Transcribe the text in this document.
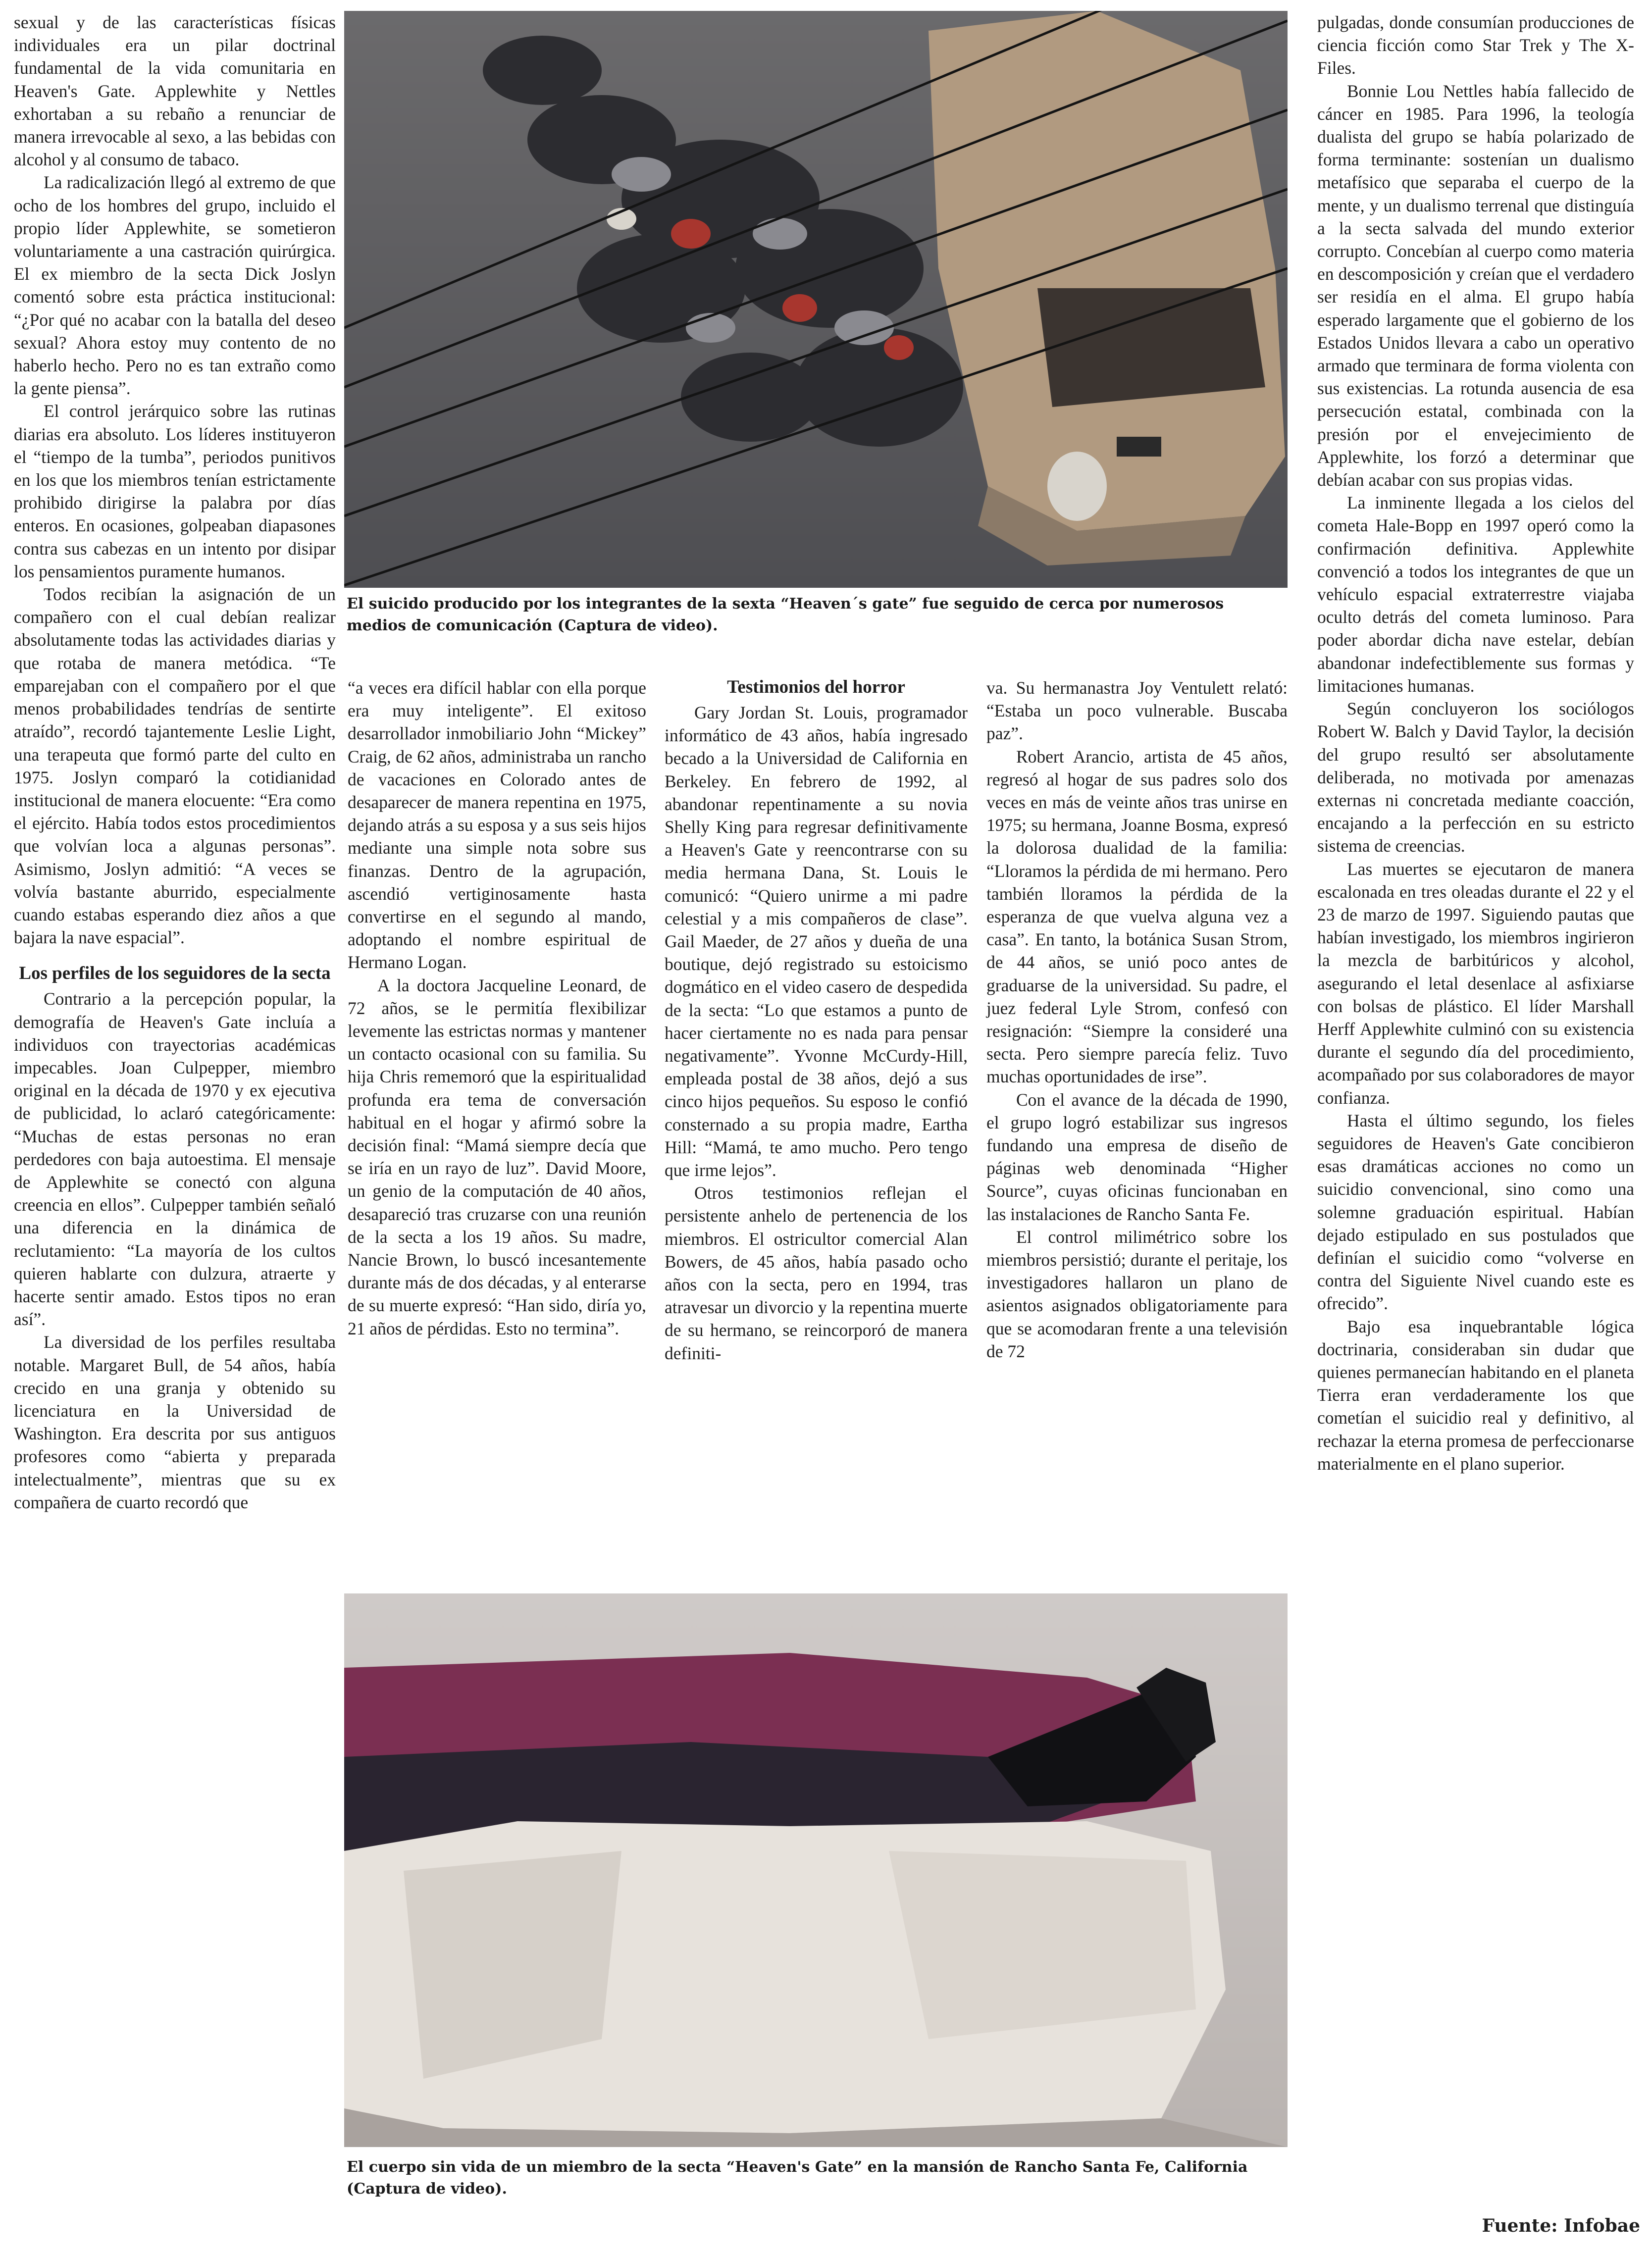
sexual y de las características físicas individuales era un pilar doctrinal fundamental de la vida comunitaria en Heaven's Gate. Applewhite y Nettles exhortaban a su rebaño a renunciar de manera irrevocable al sexo, a las bebidas con alcohol y al consumo de tabaco.

La radicalización llegó al extremo de que ocho de los hombres del grupo, incluido el propio líder Applewhite, se sometieron voluntariamente a una castración quirúrgica. El ex miembro de la secta Dick Joslyn comentó sobre esta práctica institucional: “¿Por qué no acabar con la batalla del deseo sexual? Ahora estoy muy contento de no haberlo hecho. Pero no es tan extraño como la gente piensa”.

El control jerárquico sobre las rutinas diarias era absoluto. Los líderes instituyeron el “tiempo de la tumba”, periodos punitivos en los que los miembros tenían estrictamente prohibido dirigirse la palabra por días enteros. En ocasiones, golpeaban diapasones contra sus cabezas en un intento por disipar los pensamientos puramente humanos.

Todos recibían la asignación de un compañero con el cual debían realizar absolutamente todas las actividades diarias y que rotaba de manera metódica. “Te emparejaban con el compañero por el que menos probabilidades tendrías de sentirte atraído”, recordó tajantemente Leslie Light, una terapeuta que formó parte del culto en 1975. Joslyn comparó la cotidianidad institucional de manera elocuente: “Era como el ejército. Había todos estos procedimientos que volvían loca a algunas personas”. Asimismo, Joslyn admitió: “A veces se volvía bastante aburrido, especialmente cuando estabas esperando diez años a que bajara la nave espacial”.

Los perfiles de los seguidores de la secta

Contrario a la percepción popular, la demografía de Heaven's Gate incluía a individuos con trayectorias académicas impecables. Joan Culpepper, miembro original en la década de 1970 y ex ejecutiva de publicidad, lo aclaró categóricamente: “Muchas de estas personas no eran perdedores con baja autoestima. El mensaje de Applewhite se conectó con alguna creencia en ellos”. Culpepper también señaló una diferencia en la dinámica de reclutamiento: “La mayoría de los cultos quieren hablarte con dulzura, atraerte y hacerte sentir amado. Estos tipos no eran así”.

La diversidad de los perfiles resultaba notable. Margaret Bull, de 54 años, había crecido en una granja y obtenido su licenciatura en la Universidad de Washington. Era descrita por sus antiguos profesores como “abierta y preparada intelectualmente”, mientras que su ex compañera de cuarto recordó que

El suicido producido por los integrantes de la sexta “Heaven´s gate” fue seguido de cerca por numerosos medios de comunicación (Captura de video).

“a veces era difícil hablar con ella porque era muy inteligente”. El exitoso desarrollador inmobiliario John “Mickey” Craig, de 62 años, administraba un rancho de vacaciones en Colorado antes de desaparecer de manera repentina en 1975, dejando atrás a su esposa y a sus seis hijos mediante una simple nota sobre sus finanzas. Dentro de la agrupación, ascendió vertiginosamente hasta convertirse en el segundo al mando, adoptando el nombre espiritual de Hermano Logan.

A la doctora Jacqueline Leonard, de 72 años, se le permitía flexibilizar levemente las estrictas normas y mantener un contacto ocasional con su familia. Su hija Chris rememoró que la espiritualidad profunda era tema de conversación habitual en el hogar y afirmó sobre la decisión final: “Mamá siempre decía que se iría en un rayo de luz”. David Moore, un genio de la computación de 40 años, desapareció tras cruzarse con una reunión de la secta a los 19 años. Su madre, Nancie Brown, lo buscó incesantemente durante más de dos décadas, y al enterarse de su muerte expresó: “Han sido, diría yo, 21 años de pérdidas. Esto no termina”.

Testimonios del horror

Gary Jordan St. Louis, programador informático de 43 años, había ingresado becado a la Universidad de California en Berkeley. En febrero de 1992, al abandonar repentinamente a su novia Shelly King para regresar definitivamente a Heaven's Gate y reencontrarse con su media hermana Dana, St. Louis le comunicó: “Quiero unirme a mi padre celestial y a mis compañeros de clase”. Gail Maeder, de 27 años y dueña de una boutique, dejó registrado su estoicismo dogmático en el video casero de despedida de la secta: “Lo que estamos a punto de hacer ciertamente no es nada para pensar negativamente”. Yvonne McCurdy-Hill, empleada postal de 38 años, dejó a sus cinco hijos pequeños. Su esposo le confió consternado a su propia madre, Eartha Hill: “Mamá, te amo mucho. Pero tengo que irme lejos”.

Otros testimonios reflejan el persistente anhelo de pertenencia de los miembros. El ostricultor comercial Alan Bowers, de 45 años, había pasado ocho años con la secta, pero en 1994, tras atravesar un divorcio y la repentina muerte de su hermano, se reincorporó de manera definiti-

va. Su hermanastra Joy Ventulett relató: “Estaba un poco vulnerable. Buscaba paz”.

Robert Arancio, artista de 45 años, regresó al hogar de sus padres solo dos veces en más de veinte años tras unirse en 1975; su hermana, Joanne Bosma, expresó la dolorosa dualidad de la familia: “Lloramos la pérdida de mi hermano. Pero también lloramos la pérdida de la esperanza de que vuelva alguna vez a casa”. En tanto, la botánica Susan Strom, de 44 años, se unió poco antes de graduarse de la universidad. Su padre, el juez federal Lyle Strom, confesó con resignación: “Siempre la consideré una secta. Pero siempre parecía feliz. Tuvo muchas oportunidades de irse”.

Con el avance de la década de 1990, el grupo logró estabilizar sus ingresos fundando una empresa de diseño de páginas web denominada “Higher Source”, cuyas oficinas funcionaban en las instalaciones de Rancho Santa Fe.

El control milimétrico sobre los miembros persistió; durante el peritaje, los investigadores hallaron un plano de asientos asignados obligatoriamente para que se acomodaran frente a una televisión de 72

El cuerpo sin vida de un miembro de la secta “Heaven's Gate” en la mansión de Rancho Santa Fe, California (Captura de video).

pulgadas, donde consumían producciones de ciencia ficción como Star Trek y The X-Files.

Bonnie Lou Nettles había fallecido de cáncer en 1985. Para 1996, la teología dualista del grupo se había polarizado de forma terminante: sostenían un dualismo metafísico que separaba el cuerpo de la mente, y un dualismo terrenal que distinguía a la secta salvada del mundo exterior corrupto. Concebían al cuerpo como materia en descomposición y creían que el verdadero ser residía en el alma. El grupo había esperado largamente que el gobierno de los Estados Unidos llevara a cabo un operativo armado que terminara de forma violenta con sus existencias. La rotunda ausencia de esa persecución estatal, combinada con la presión por el envejecimiento de Applewhite, los forzó a determinar que debían acabar con sus propias vidas.

La inminente llegada a los cielos del cometa Hale-Bopp en 1997 operó como la confirmación definitiva. Applewhite convenció a todos los integrantes de que un vehículo espacial extraterrestre viajaba oculto detrás del cometa luminoso. Para poder abordar dicha nave estelar, debían abandonar indefectiblemente sus formas y limitaciones humanas.

Según concluyeron los sociólogos Robert W. Balch y David Taylor, la decisión del grupo resultó ser absolutamente deliberada, no motivada por amenazas externas ni concretada mediante coacción, encajando a la perfección en su estricto sistema de creencias.

Las muertes se ejecutaron de manera escalonada en tres oleadas durante el 22 y el 23 de marzo de 1997. Siguiendo pautas que habían investigado, los miembros ingirieron la mezcla de barbitúricos y alcohol, asegurando el letal desenlace al asfixiarse con bolsas de plástico. El líder Marshall Herff Applewhite culminó con su existencia durante el segundo día del procedimiento, acompañado por sus colaboradores de mayor confianza.

Hasta el último segundo, los fieles seguidores de Heaven's Gate concibieron esas dramáticas acciones no como un suicidio convencional, sino como una solemne graduación espiritual. Habían dejado estipulado en sus postulados que definían el suicidio como “volverse en contra del Siguiente Nivel cuando este es ofrecido”.

Bajo esa inquebrantable lógica doctrinaria, consideraban sin dudar que quienes permanecían habitando en el planeta Tierra eran verdaderamente los que cometían el suicidio real y definitivo, al rechazar la eterna promesa de perfeccionarse materialmente en el plano superior.

Fuente: Infobae
